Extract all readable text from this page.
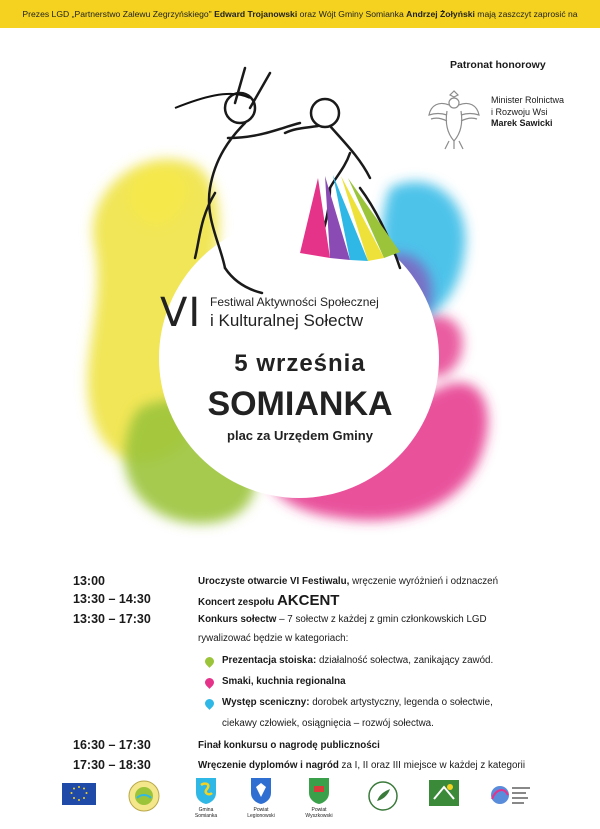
Prezes LGD „Partnerstwo Zalewu Zegrzyńskiego" Edward Trojanowski oraz Wójt Gminy Somianka Andrzej Żołyński mają zaszczyt zaprosić na
Patronat honorowy
Minister Rolnictwa
i Rozwoju Wsi
Marek Sawicki
VI Festiwal Aktywności Społecznej
i Kulturalnej Sołectw
5 września
SOMIANKA
plac za Urzędem Gminy
13:00	Uroczyste otwarcie VI Festiwalu, wręczenie wyróżnień i odznaczeń
13:30 – 14:30	Koncert zespołu AKCENT
13:30 – 17:30	Konkurs sołectw – 7 sołectw z każdej z gmin członkowskich LGD
rywalizować będzie w kategoriach:
Prezentacja stoiska: działalność sołectwa, zanikający zawód.
Smaki, kuchnia regionalna
Występ sceniczny: dorobek artystyczny, legenda o sołectwie,
ciekawy człowiek, osiągnięcia – rozwój sołectwa.
16:30 – 17:30	Finał konkursu o nagrodę publiczności
17:30 – 18:30	Wręczenie dyplomów i nagród za I, II oraz III miejsce w każdej z kategorii
Gmina
Somianka
Powiat
Legionowski
Powiat
Wyszkowski
